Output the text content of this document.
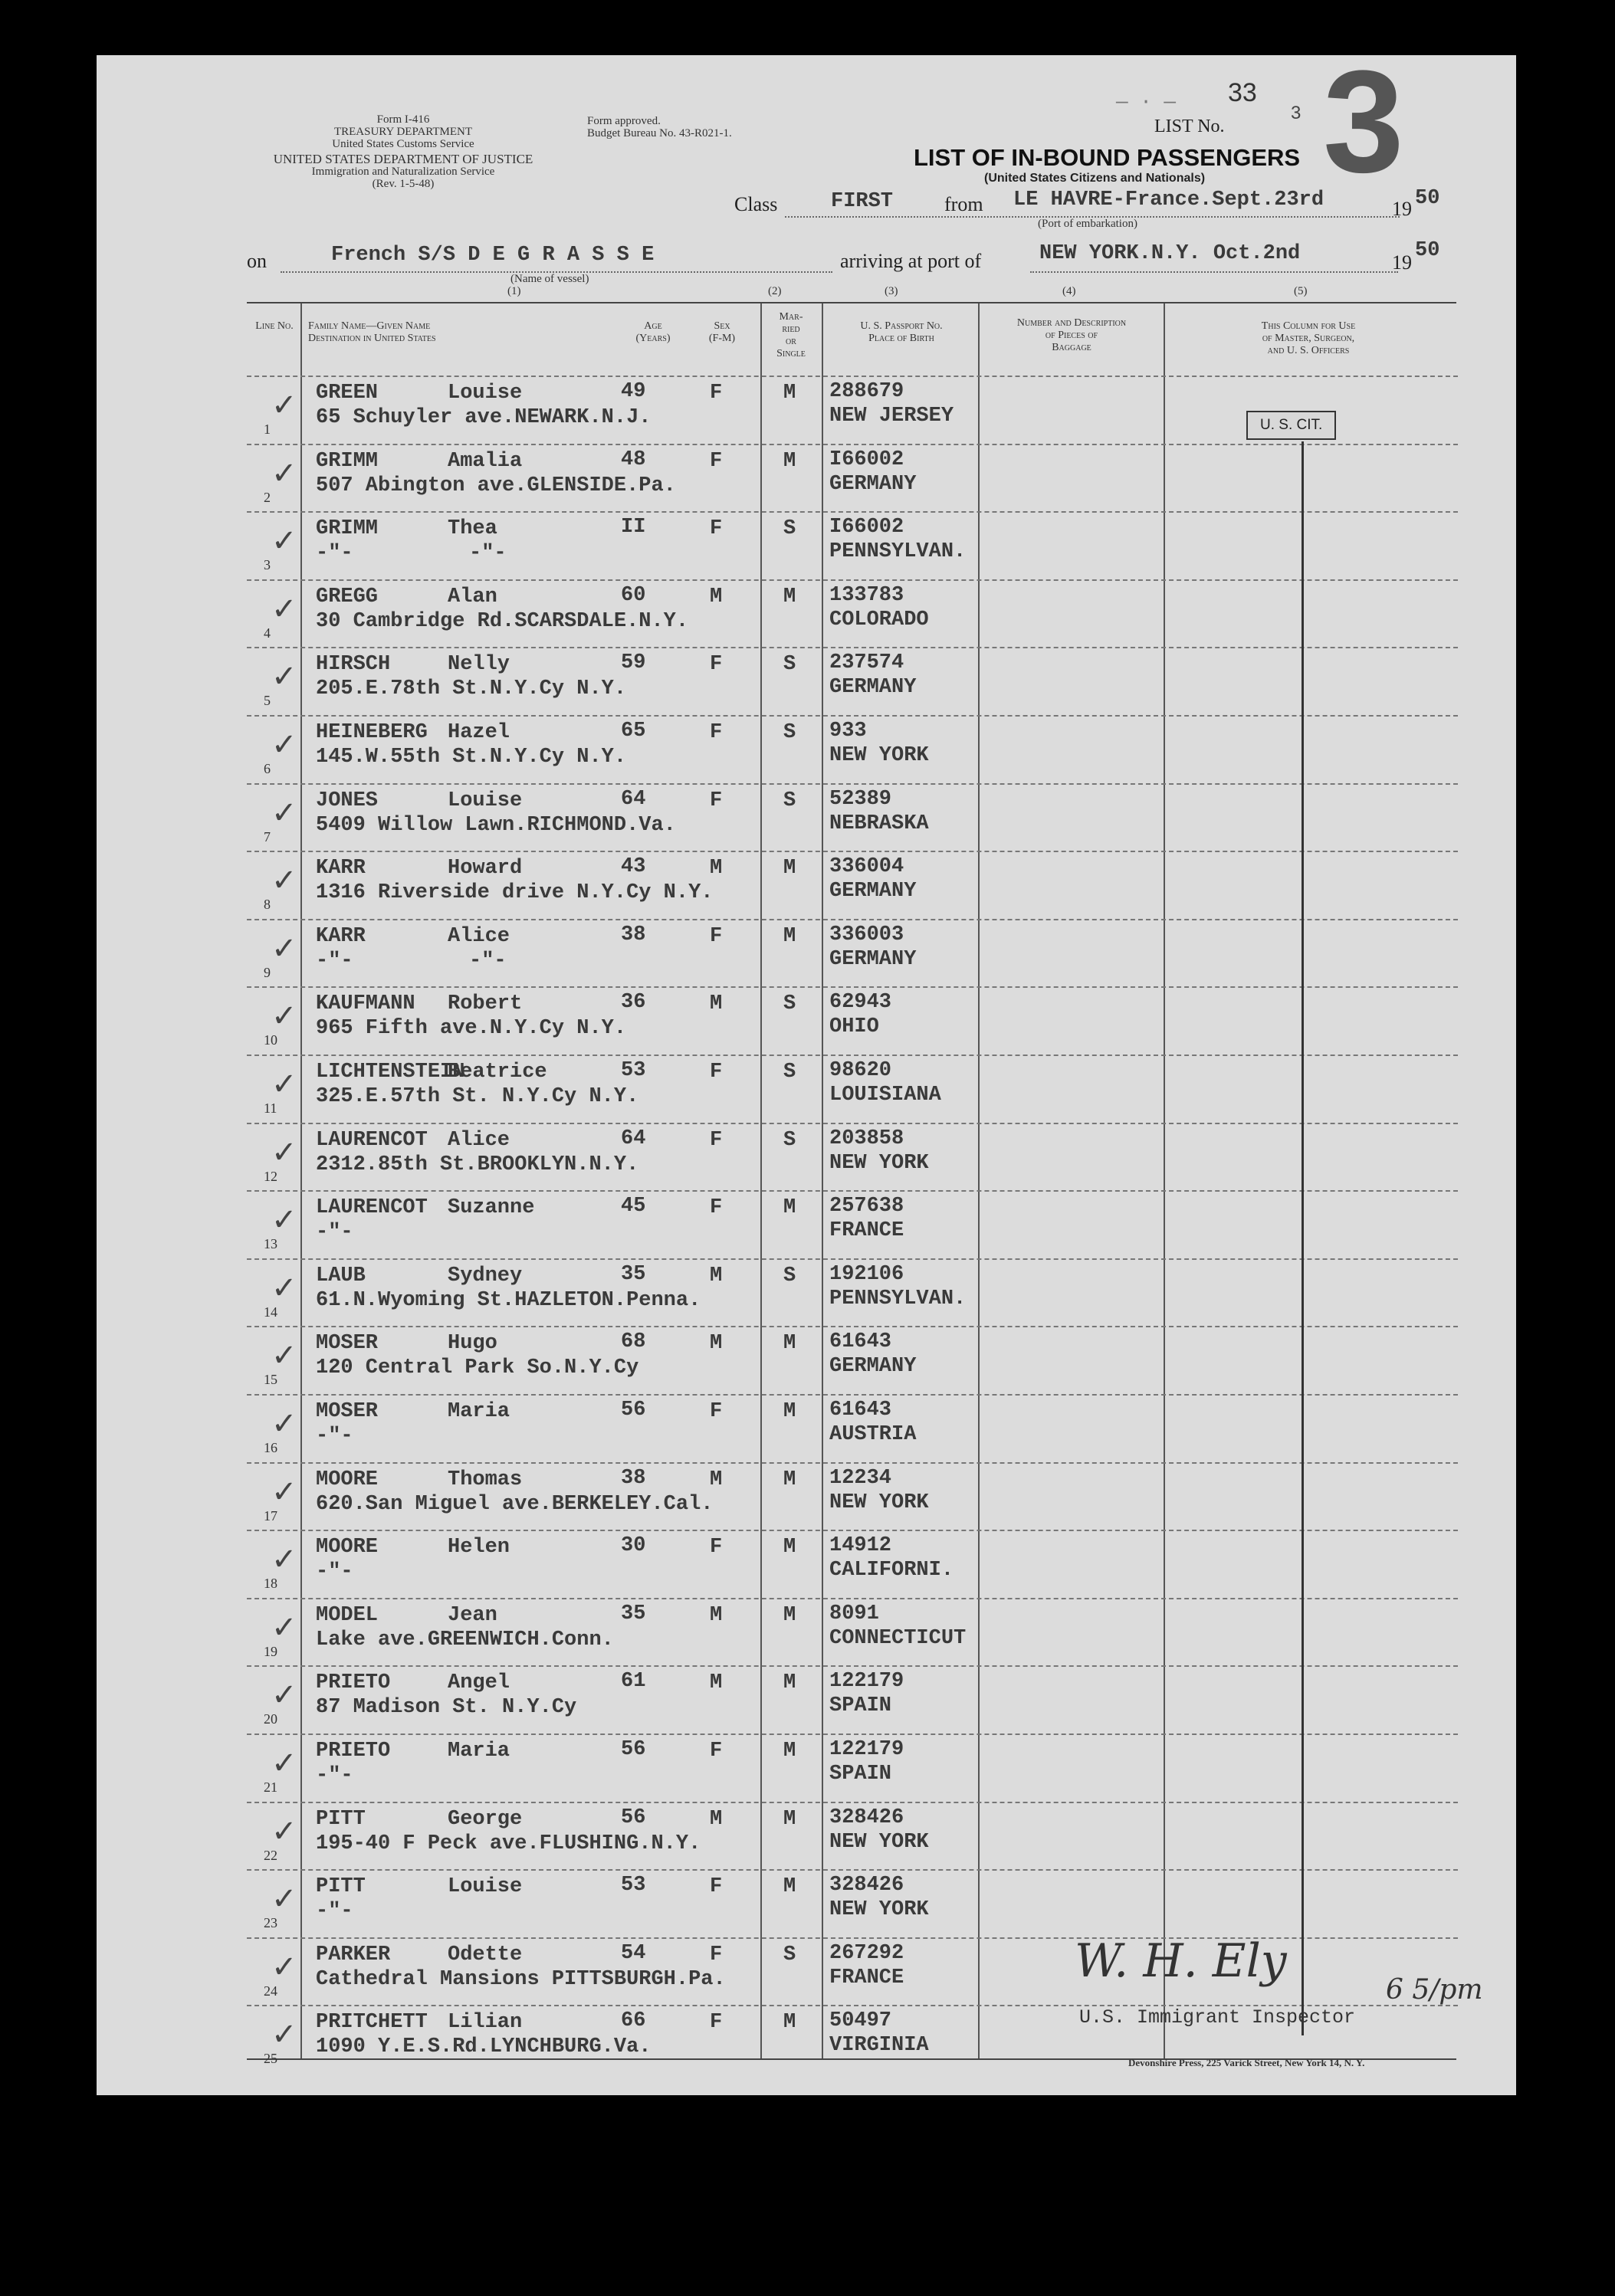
Form I-416
TREASURY DEPARTMENT
United States Customs Service
UNITED STATES DEPARTMENT OF JUSTICE
Immigration and Naturalization Service
(Rev. 1-5-48)
Form approved.
Budget Bureau No. 43-R021-1.
— · — 33
LIST No.
3 3
LIST OF IN-BOUND PASSENGERS
(United States Citizens and Nationals)
Class	FIRST	from LE HAVRE-France.Sept.23rd	19 50
(Port of embarkation)
on	French S/S D E G R A S S E
(Name of vessel)
arriving at port of	NEW YORK.N.Y. Oct.2nd	19
50
(1)	(2)	(3)	(4)	(5)
Devonshire Press, 225 Varick Street, New York 14, N. Y.
Line No.	Family Name—Given Name
Destination in United States
Age
(Years)
Sex
(F-M)
Mar-
ried
or
Single
U. S. Passport No.
Place of Birth
Number and Description
of Pieces of
Baggage
This Column for Use
of Master, Surgeon,
and U. S. Officers
1
GREEN	Louise
65 Schuyler ave.NEWARK.N.J.
49	F	M 288679
NEW JERSEY
✓
2
GRIMM	Amalia
507 Abington ave.GLENSIDE.Pa.
48	F	M I66002
GERMANY
✓
3
GRIMM	Thea
-"-	-"-
II	F	S I66002
PENNSYLVAN.
✓
4
GREGG	Alan
30 Cambridge Rd.SCARSDALE.N.Y.
60	M	M 133783
COLORADO
✓
5
HIRSCH	Nelly
205.E.78th St.N.Y.Cy N.Y.
59	F	S 237574
GERMANY
✓
6
HEINEBERG Hazel
145.W.55th St.N.Y.Cy N.Y.
65	F	S 933
NEW YORK
✓
7
JONES	Louise
5409 Willow Lawn.RICHMOND.Va.
64	F	S 52389
NEBRASKA
✓
8
KARR	Howard
1316 Riverside drive N.Y.Cy N.Y.
43	M	M 336004
GERMANY
✓
9
KARR	Alice
-"-	-"-
38	F	M 336003
GERMANY
✓
10
KAUFMANN Robert
965 Fifth ave.N.Y.Cy N.Y.
36	M	S 62943
OHIO
✓
11
LICHTENSTEIN
Beatrice
325.E.57th St. N.Y.Cy N.Y.
53	F	S 98620
LOUISIANA
✓
12
LAURENCOT Alice
2312.85th St.BROOKLYN.N.Y.
64	F	S 203858
NEW YORK
✓
13
LAURENCOT Suzanne
-"-
45	F	M 257638
FRANCE
✓
14
LAUB	Sydney
61.N.Wyoming St.HAZLETON.Penna.
35	M	S 192106
PENNSYLVAN.
✓
15
MOSER	Hugo
120 Central Park So.N.Y.Cy
68	M	M 61643
GERMANY
✓
16
MOSER	Maria
-"-
56	F	M 61643
AUSTRIA
✓
17
MOORE	Thomas
620.San Miguel ave.BERKELEY.Cal.
38	M	M 12234
NEW YORK
✓
18
MOORE	Helen
-"-
30	F	M 14912
CALIFORNI.
✓
19
MODEL	Jean
Lake ave.GREENWICH.Conn.
35	M	M 8091
CONNECTICUT
✓
20
PRIETO	Angel
87 Madison St. N.Y.Cy
61	M	M 122179
SPAIN
✓
21
PRIETO	Maria
-"-
56	F	M 122179
SPAIN
✓
22
PITT	George
195-40 F Peck ave.FLUSHING.N.Y.
56	M	M 328426
NEW YORK
✓
23
PITT	Louise
-"-
53	F	M 328426
NEW YORK
✓
24
PARKER	Odette
Cathedral Mansions PITTSBURGH.Pa.
54	F	S 267292
FRANCE
✓
25
PRITCHETT Lilian
1090 Y.E.S.Rd.LYNCHBURG.Va.
66	F	M 50497
VIRGINIA
✓
U. S. CIT.
W. H. Ely
U.S. Immigrant Inspector
6 5/pm
